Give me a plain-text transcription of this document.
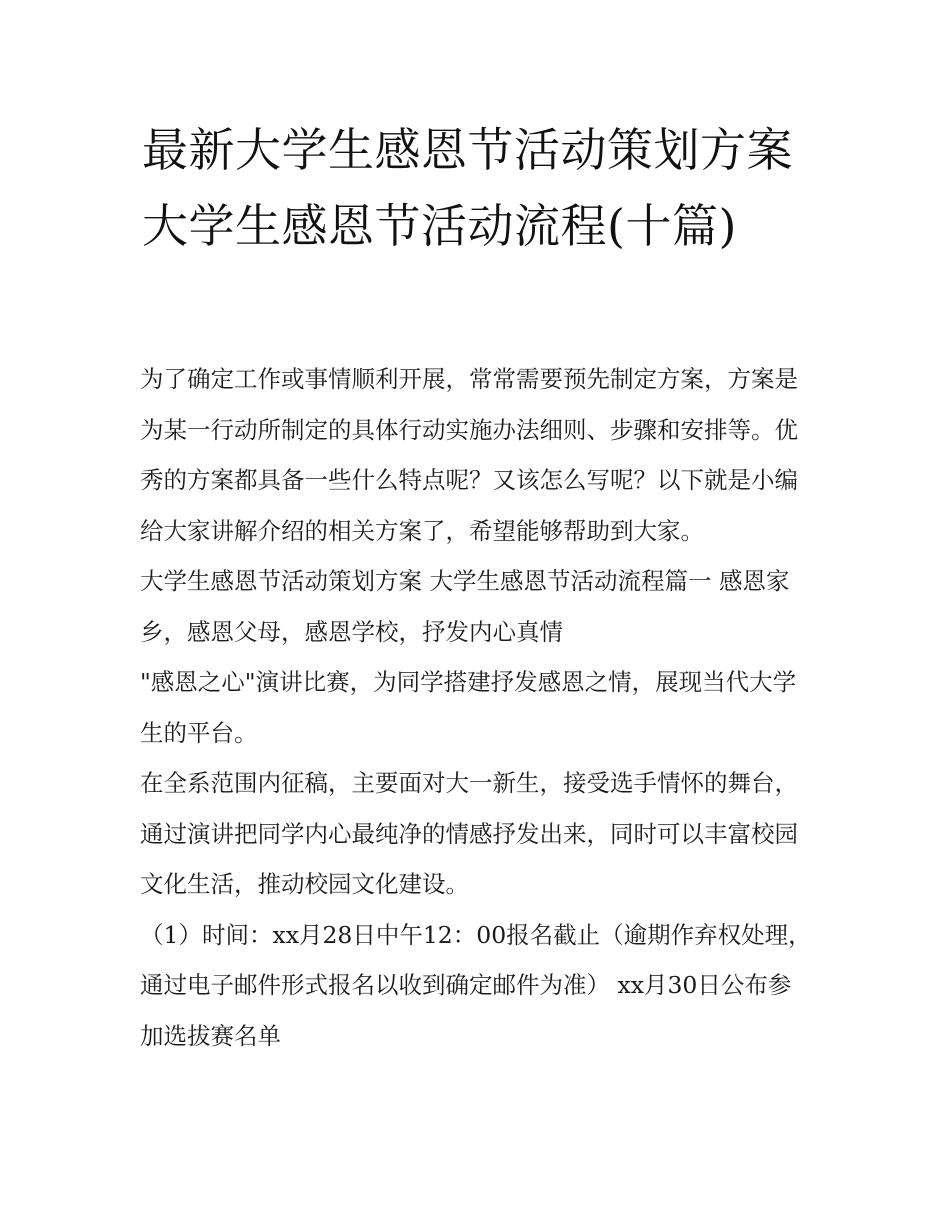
最新大学生感恩节活动策划方案 大学生感恩节活动流程(十篇)

为了确定工作或事情顺利开展，常常需要预先制定方案，方案是为某一行动所制定的具体行动实施办法细则、步骤和安排等。优秀的方案都具备一些什么特点呢？又该怎么写呢？以下就是小编给大家讲解介绍的相关方案了，希望能够帮助到大家。

大学生感恩节活动策划方案 大学生感恩节活动流程篇一 感恩家乡，感恩父母，感恩学校，抒发内心真情

"感恩之心"演讲比赛，为同学搭建抒发感恩之情，展现当代大学生的平台。

在全系范围内征稿，主要面对大一新生，接受选手情怀的舞台，通过演讲把同学内心最纯净的情感抒发出来，同时可以丰富校园文化生活，推动校园文化建设。

（1）时间：xx月28日中午12：00报名截止（逾期作弃权处理，通过电子邮件形式报名以收到确定邮件为准） xx月30日公布参加选拔赛名单
